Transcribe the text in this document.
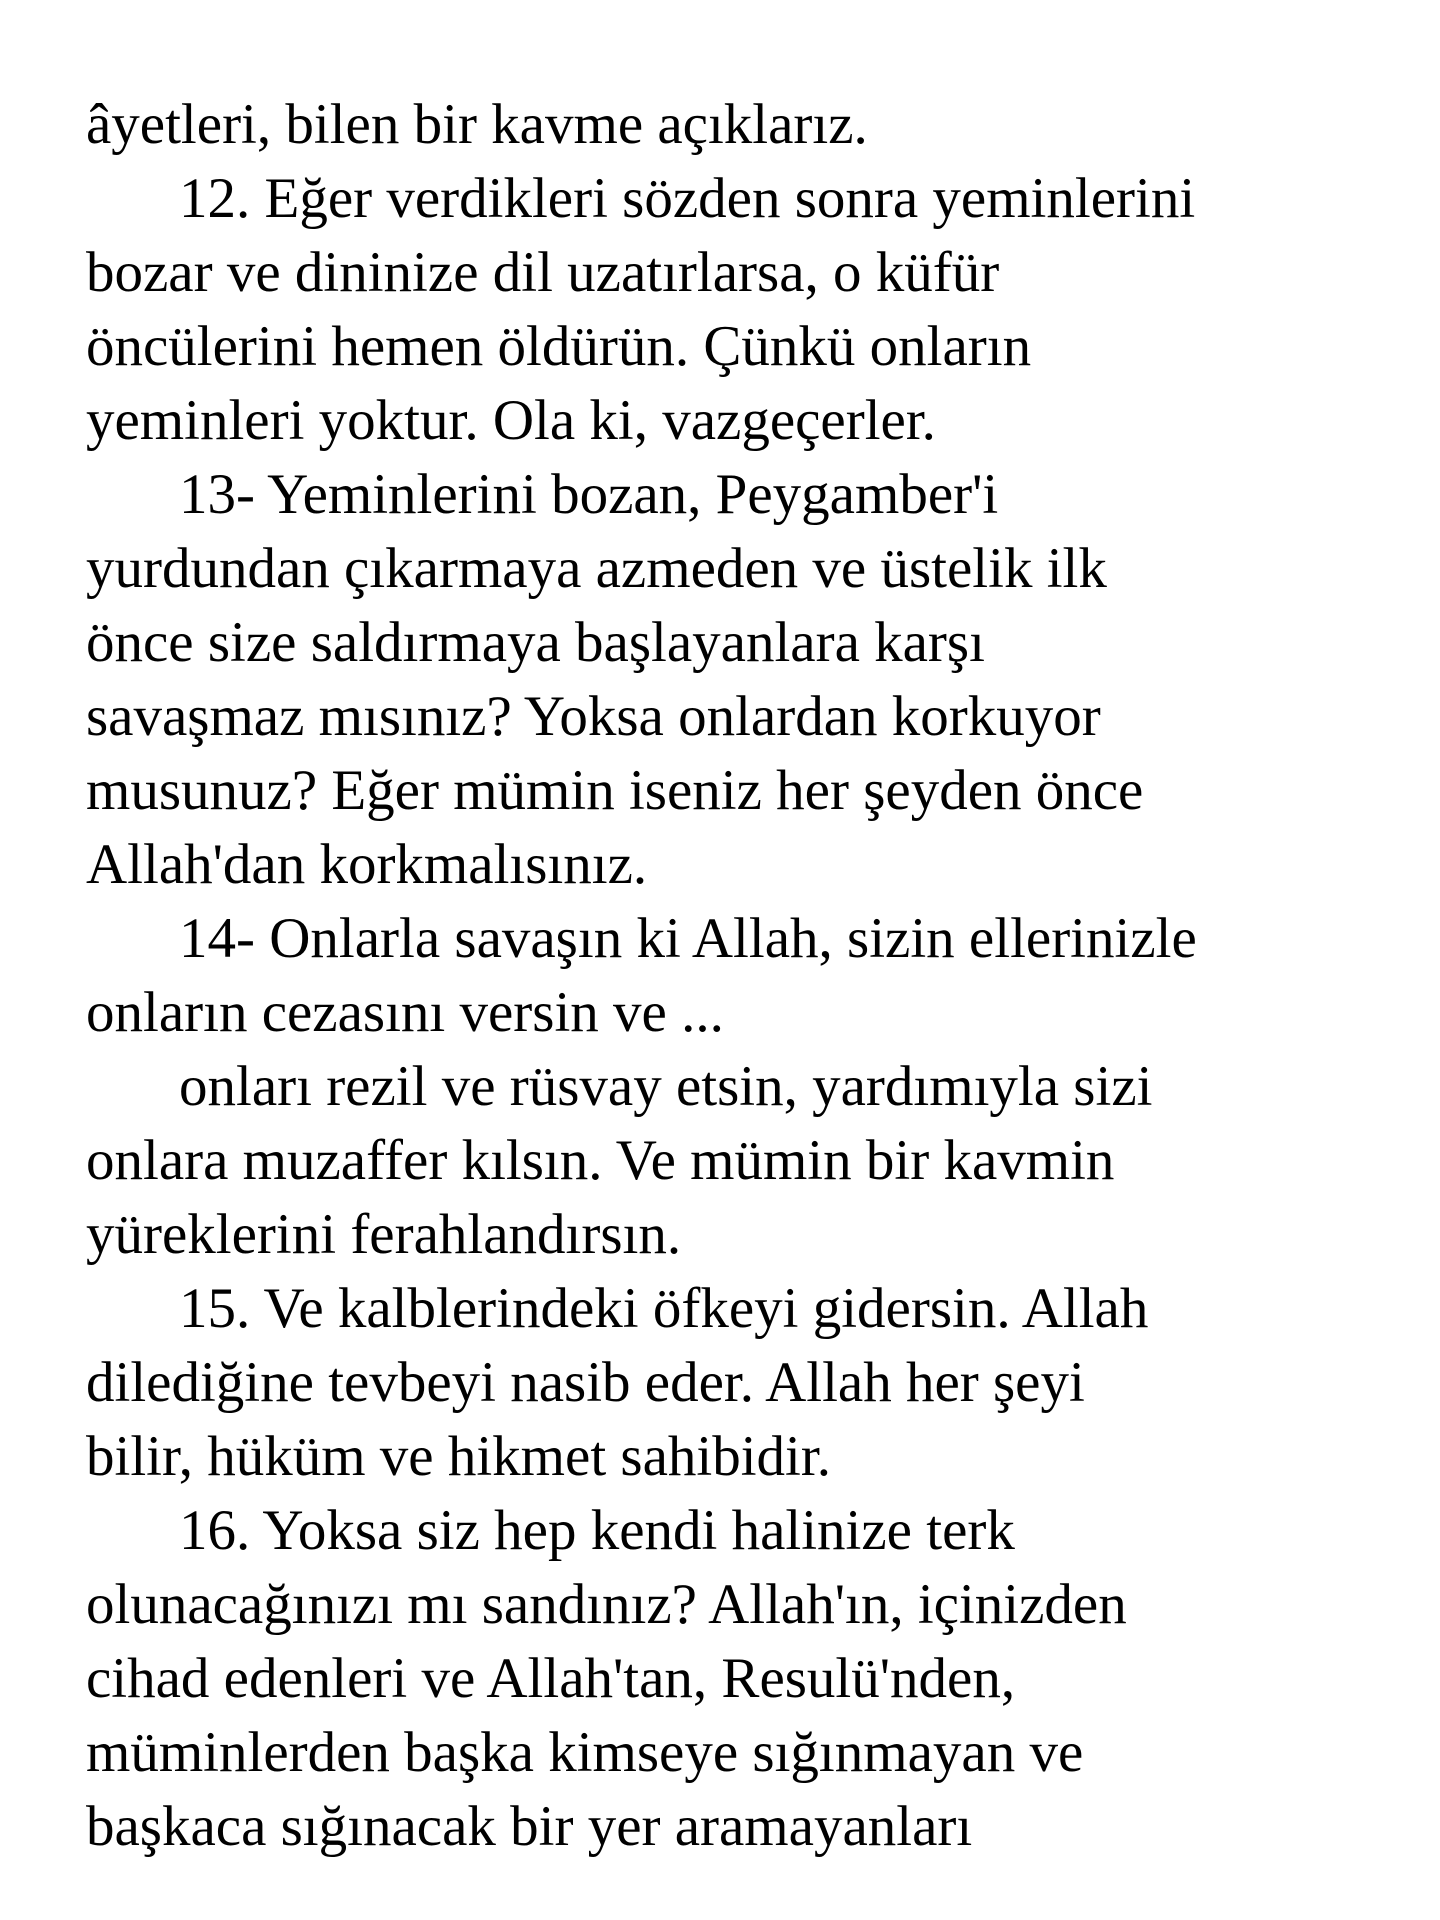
âyetleri, bilen bir kavme açıklarız.
12. Eğer verdikleri sözden sonra yeminlerini
bozar ve dininize dil uzatırlarsa, o küfür
öncülerini hemen öldürün. Çünkü onların
yeminleri yoktur. Ola ki, vazgeçerler.
13- Yeminlerini bozan, Peygamber'i
yurdundan çıkarmaya azmeden ve üstelik ilk
önce size saldırmaya başlayanlara karşı
savaşmaz mısınız? Yoksa onlardan korkuyor
musunuz? Eğer mümin iseniz her şeyden önce
Allah'dan korkmalısınız.
14- Onlarla savaşın ki Allah, sizin ellerinizle
onların cezasını versin ve ...
onları rezil ve rüsvay etsin, yardımıyla sizi
onlara muzaffer kılsın. Ve mümin bir kavmin
yüreklerini ferahlandırsın.
15. Ve kalblerindeki öfkeyi gidersin. Allah
dilediğine tevbeyi nasib eder. Allah her şeyi
bilir, hüküm ve hikmet sahibidir.
16. Yoksa siz hep kendi halinize terk
olunacağınızı mı sandınız? Allah'ın, içinizden
cihad edenleri ve Allah'tan, Resulü'nden,
müminlerden başka kimseye sığınmayan ve
başkaca sığınacak bir yer aramayanları
